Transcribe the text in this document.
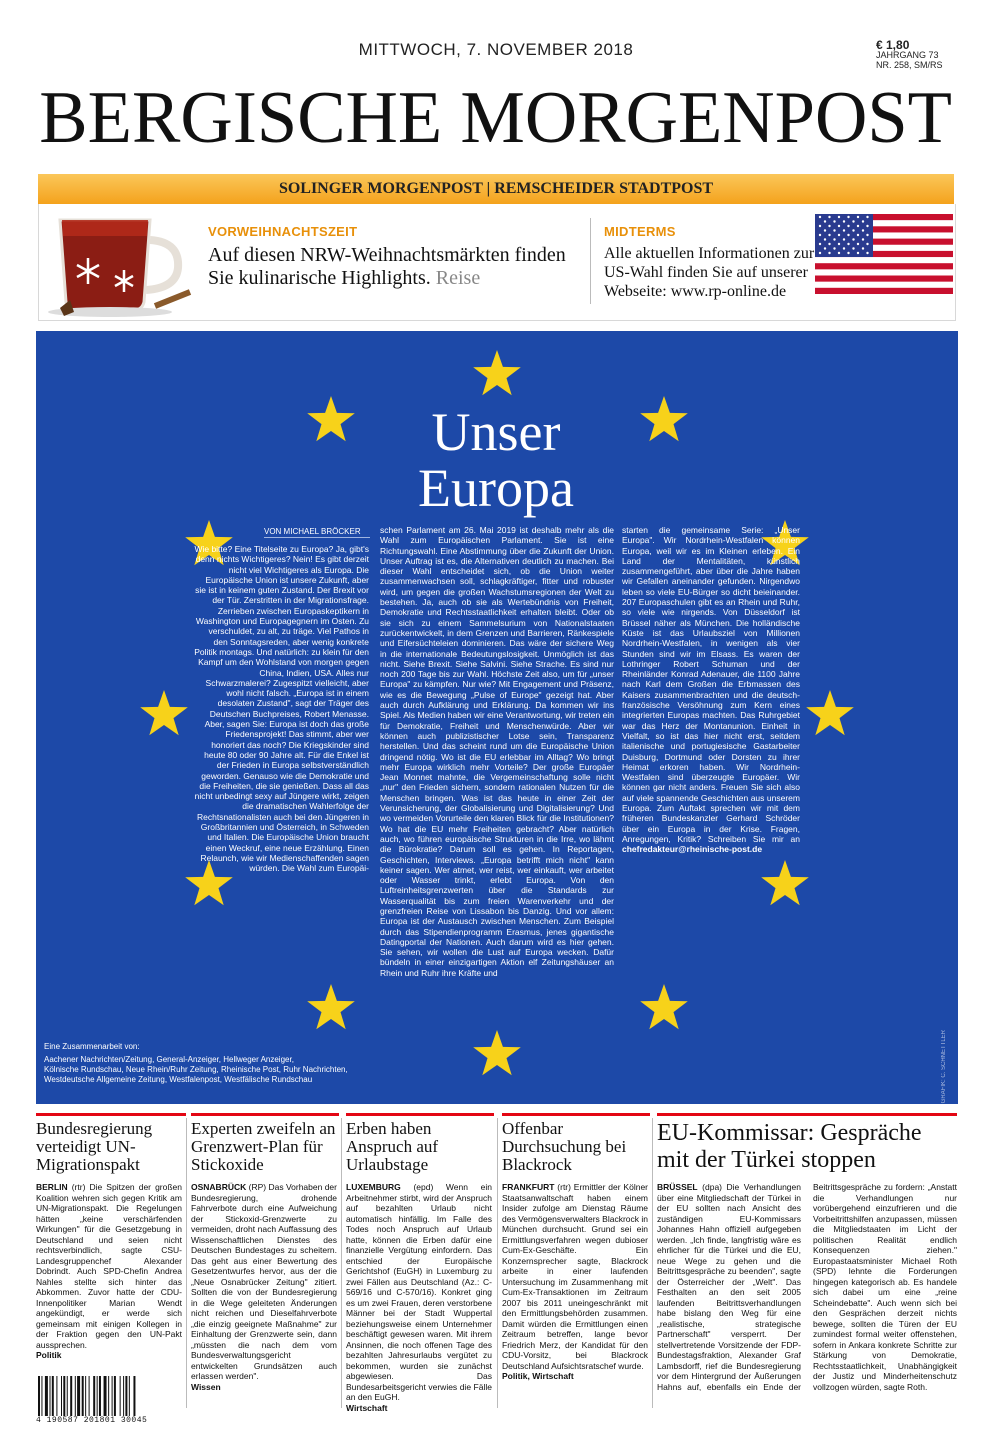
MITTWOCH, 7. NOVEMBER 2018	€ 1,80
JAHRGANG 73
NR. 258, SM/RS
BERGISCHE MORGENPOST
SOLINGER MORGENPOST | REMSCHEIDER STADTPOST
VORWEIHNACHTSZEIT
Auf diesen NRW-Weihnachtsmärkten finden Sie kulinarische Highlights. Reise
MIDTERMS
Alle aktuellen Informationen zur US-Wahl finden Sie auf unserer Webseite: www.rp-online.de
Unser
Europa
VON MICHAEL BRÖCKER
Wie bitte? Eine Titelseite zu Europa? Ja, gibt's denn nichts Wichtigeres? Nein! Es gibt derzeit nicht viel Wichtigeres als Europa. Die Europäische Union ist unsere Zukunft, aber sie ist in keinem guten Zustand. Der Brexit vor der Tür. Zerstritten in der Migrationsfrage. Zerrieben zwischen Europaskeptikern in Washington und Europagegnern im Osten. Zu verschuldet, zu alt, zu träge. Viel Pathos in den Sonntagsreden, aber wenig konkrete Politik montags. Und natürlich: zu klein für den Kampf um den Wohlstand von morgen gegen China, Indien, USA. Alles nur Schwarzmalerei? Zugespitzt vielleicht, aber wohl nicht falsch. „Europa ist in einem desolaten Zustand", sagt der Träger des Deutschen Buchpreises, Robert Menasse. Aber, sagen Sie: Europa ist doch das große Friedensprojekt! Das stimmt, aber wer honoriert das noch? Die Kriegskinder sind heute 80 oder 90 Jahre alt. Für die Enkel ist der Frieden in Europa selbstverständlich geworden. Genauso wie die Demokratie und die Freiheiten, die sie genießen. Dass all das nicht unbedingt sexy auf Jüngere wirkt, zeigen die dramatischen Wahlerfolge der Rechtsnationalisten auch bei den Jüngeren in Großbritannien und Österreich, in Schweden und Italien. Die Europäische Union braucht einen Weckruf, eine neue Erzählung. Einen Relaunch, wie wir Medienschaffenden sagen würden. Die Wahl zum Europäi-
schen Parlament am 26. Mai 2019 ist deshalb mehr als die Wahl zum Europäischen Parlament. Sie ist eine Richtungswahl. Eine Abstimmung über die Zukunft der Union. Unser Auftrag ist es, die Alternativen deutlich zu machen. Bei dieser Wahl entscheidet sich, ob die Union weiter zusammenwachsen soll, schlagkräftiger, fitter und robuster wird, um gegen die großen Wachstumsregionen der Welt zu bestehen. Ja, auch ob sie als Wertebündnis von Freiheit, Demokratie und Rechtsstaatlichkeit erhalten bleibt. Oder ob sie sich zu einem Sammelsurium von Nationalstaaten zurückentwickelt, in dem Grenzen und Barrieren, Ränkespiele und Eifersüchteleien dominieren. Das wäre der sichere Weg in die internationale Bedeutungslosigkeit. Unmöglich ist das nicht. Siehe Brexit. Siehe Salvini. Siehe Strache. Es sind nur noch 200 Tage bis zur Wahl. Höchste Zeit also, um für „unser Europa" zu kämpfen. Nur wie? Mit Engagement und Präsenz, wie es die Bewegung „Pulse of Europe" gezeigt hat. Aber auch durch Aufklärung und Erklärung. Da kommen wir ins Spiel. Als Medien haben wir eine Verantwortung, wir treten ein für Demokratie, Freiheit und Menschenwürde. Aber wir können auch publizistischer Lotse sein, Transparenz herstellen. Und das scheint rund um die Europäische Union dringend nötig. Wo ist die EU erlebbar im Alltag? Wo bringt mehr Europa wirklich mehr Vorteile? Der große Europäer Jean Monnet mahnte, die Vergemeinschaftung solle nicht „nur" den Frieden sichern, sondern rationalen Nutzen für die Menschen bringen. Was ist das heute in einer Zeit der Verunsicherung, der Globalisierung und Digitalisierung? Und wo vermeiden Vorurteile den klaren Blick für die Institutionen? Wo hat die EU mehr Freiheiten gebracht? Aber natürlich auch, wo führen europäische Strukturen in die Irre, wo lähmt die Bürokratie? Darum soll es gehen. In Reportagen, Geschichten, Interviews. „Europa betrifft mich nicht" kann keiner sagen. Wer atmet, wer reist, wer einkauft, wer arbeitet oder Wasser trinkt, erlebt Europa. Von den Luftreinheitsgrenzwerten über die Standards zur Wasserqualität bis zum freien Warenverkehr und der grenzfreien Reise von Lissabon bis Danzig. Und vor allem: Europa ist der Austausch zwischen Menschen. Zum Beispiel durch das Stipendienprogramm Erasmus, jenes gigantische Datingportal der Nationen. Auch darum wird es hier gehen. Sie sehen, wir wollen die Lust auf Europa wecken. Dafür bündeln in einer einzigartigen Aktion elf Zeitungshäuser an Rhein und Ruhr ihre Kräfte und
starten die gemeinsame Serie: „Unser Europa". Wir Nordrhein-Westfalen können Europa, weil wir es im Kleinen erleben. Ein Land der Mentalitäten, künstlich zusammengeführt, aber über die Jahre haben wir Gefallen aneinander gefunden. Nirgendwo leben so viele EU-Bürger so dicht beieinander. 207 Europaschulen gibt es an Rhein und Ruhr, so viele wie nirgends. Von Düsseldorf ist Brüssel näher als München. Die holländische Küste ist das Urlaubsziel von Millionen Nordrhein-Westfalen, in wenigen als vier Stunden sind wir im Elsass. Es waren der Lothringer Robert Schuman und der Rheinländer Konrad Adenauer, die 1100 Jahre nach Karl dem Großen die Erbmassen des Kaisers zusammenbrachten und die deutsch-französische Versöhnung zum Kern eines integrierten Europas machten. Das Ruhrgebiet war das Herz der Montanunion. Einheit in Vielfalt, so ist das hier nicht erst, seitdem italienische und portugiesische Gastarbeiter Duisburg, Dortmund oder Dorsten zu ihrer Heimat erkoren haben. Wir Nordrhein-Westfalen sind überzeugte Europäer. Wir können gar nicht anders. Freuen Sie sich also auf viele spannende Geschichten aus unserem Europa. Zum Auftakt sprechen wir mit dem früheren Bundeskanzler Gerhard Schröder über ein Europa in der Krise. Fragen, Anregungen, Kritik? Schreiben Sie mir an chefredakteur@rheinische-post.de
Eine Zusammenarbeit von:
Aachener Nachrichten/Zeitung, General-Anzeiger, Hellweger Anzeiger,
Kölnische Rundschau, Neue Rhein/Ruhr Zeitung, Rheinische Post, Ruhr Nachrichten,
Westdeutsche Allgemeine Zeitung, Westfalenpost, Westfälische Rundschau	GRAFIK: C. SCHNETTLER
Bundesregierung verteidigt UN-Migrationspakt
BERLIN (rtr) Die Spitzen der großen Koalition wehren sich gegen Kritik am UN-Migrationspakt. Die Regelungen hätten „keine verschärfenden Wirkungen" für die Gesetzgebung in Deutschland und seien nicht rechtsverbindlich, sagte CSU-Landesgruppenchef Alexander Dobrindt. Auch SPD-Chefin Andrea Nahles stellte sich hinter das Abkommen. Zuvor hatte der CDU-Innenpolitiker Marian Wendt angekündigt, er werde sich gemeinsam mit einigen Kollegen in der Fraktion gegen den UN-Pakt aussprechen.
Politik
Experten zweifeln an Grenzwert-Plan für Stickoxide
OSNABRÜCK (RP) Das Vorhaben der Bundesregierung, drohende Fahrverbote durch eine Aufweichung der Stickoxid-Grenzwerte zu vermeiden, droht nach Auffassung des Wissenschaftlichen Dienstes des Deutschen Bundestages zu scheitern. Das geht aus einer Bewertung des Gesetzentwurfes hervor, aus der die „Neue Osnabrücker Zeitung" zitiert. Sollten die von der Bundesregierung in die Wege geleiteten Änderungen nicht reichen und Dieselfahrverbote „die einzig geeignete Maßnahme" zur Einhaltung der Grenzwerte sein, dann „müssten die nach dem vom Bundesverwaltungsgericht entwickelten Grundsätzen auch erlassen werden".
Wissen
Erben haben Anspruch auf Urlaubstage
LUXEMBURG (epd) Wenn ein Arbeitnehmer stirbt, wird der Anspruch auf bezahlten Urlaub nicht automatisch hinfällig. Im Falle des Todes noch Anspruch auf Urlaub hatte, können die Erben dafür eine finanzielle Vergütung einfordern. Das entschied der Europäische Gerichtshof (EuGH) in Luxemburg zu zwei Fällen aus Deutschland (Az.: C-569/16 und C-570/16). Konkret ging es um zwei Frauen, deren verstorbene Männer bei der Stadt Wuppertal beziehungsweise einem Unternehmer beschäftigt gewesen waren. Mit ihrem Ansinnen, die noch offenen Tage des bezahlten Jahresurlaubs vergütet zu bekommen, wurden sie zunächst abgewiesen. Das Bundesarbeitsgericht verwies die Fälle an den EuGH.
Wirtschaft
Offenbar Durchsuchung bei Blackrock
FRANKFURT (rtr) Ermittler der Kölner Staatsanwaltschaft haben einem Insider zufolge am Dienstag Räume des Vermögensverwalters Blackrock in München durchsucht. Grund sei ein Ermittlungsverfahren wegen dubioser Cum-Ex-Geschäfte. Ein Konzernsprecher sagte, Blackrock arbeite in einer laufenden Untersuchung im Zusammenhang mit Cum-Ex-Transaktionen im Zeitraum 2007 bis 2011 uneingeschränkt mit den Ermittlungsbehörden zusammen. Damit würden die Ermittlungen einen Zeitraum betreffen, lange bevor Friedrich Merz, der Kandidat für den CDU-Vorsitz, bei Blackrock Deutschland Aufsichtsratschef wurde.
Politik, Wirtschaft
EU-Kommissar: Gespräche mit der Türkei stoppen
BRÜSSEL (dpa) Die Verhandlungen über eine Mitgliedschaft der Türkei in der EU sollten nach Ansicht des zuständigen EU-Kommissars Johannes Hahn offiziell aufgegeben werden. „Ich finde, langfristig wäre es ehrlicher für die Türkei und die EU, neue Wege zu gehen und die Beitrittsgespräche zu beenden", sagte der Österreicher der „Welt". Das Festhalten an den seit 2005 laufenden Beitrittsverhandlungen habe bislang den Weg für eine „realistische, strategische Partnerschaft" versperrt. Der stellvertretende Vorsitzende der FDP-Bundestagsfraktion, Alexander Graf Lambsdorff, rief die Bundesregierung vor dem Hintergrund der Äußerungen Hahns auf, ebenfalls ein Ende der Beitrittsgespräche zu fordern: „Anstatt die Verhandlungen nur vorübergehend einzufrieren und die Vorbeitrittshilfen anzupassen, müssen die Mitgliedstaaten im Licht der politischen Realität endlich Konsequenzen ziehen." Europastaatsminister Michael Roth (SPD) lehnte die Forderungen hingegen kategorisch ab. Es handele sich dabei um eine „reine Scheindebatte". Auch wenn sich bei den Gesprächen derzeit nichts bewege, sollten die Türen der EU zumindest formal weiter offenstehen, sofern in Ankara konkrete Schritte zur Stärkung von Demokratie, Rechtsstaatlichkeit, Unabhängigkeit der Justiz und Minderheitenschutz vollzogen würden, sagte Roth.
4 190587 201801 30045
